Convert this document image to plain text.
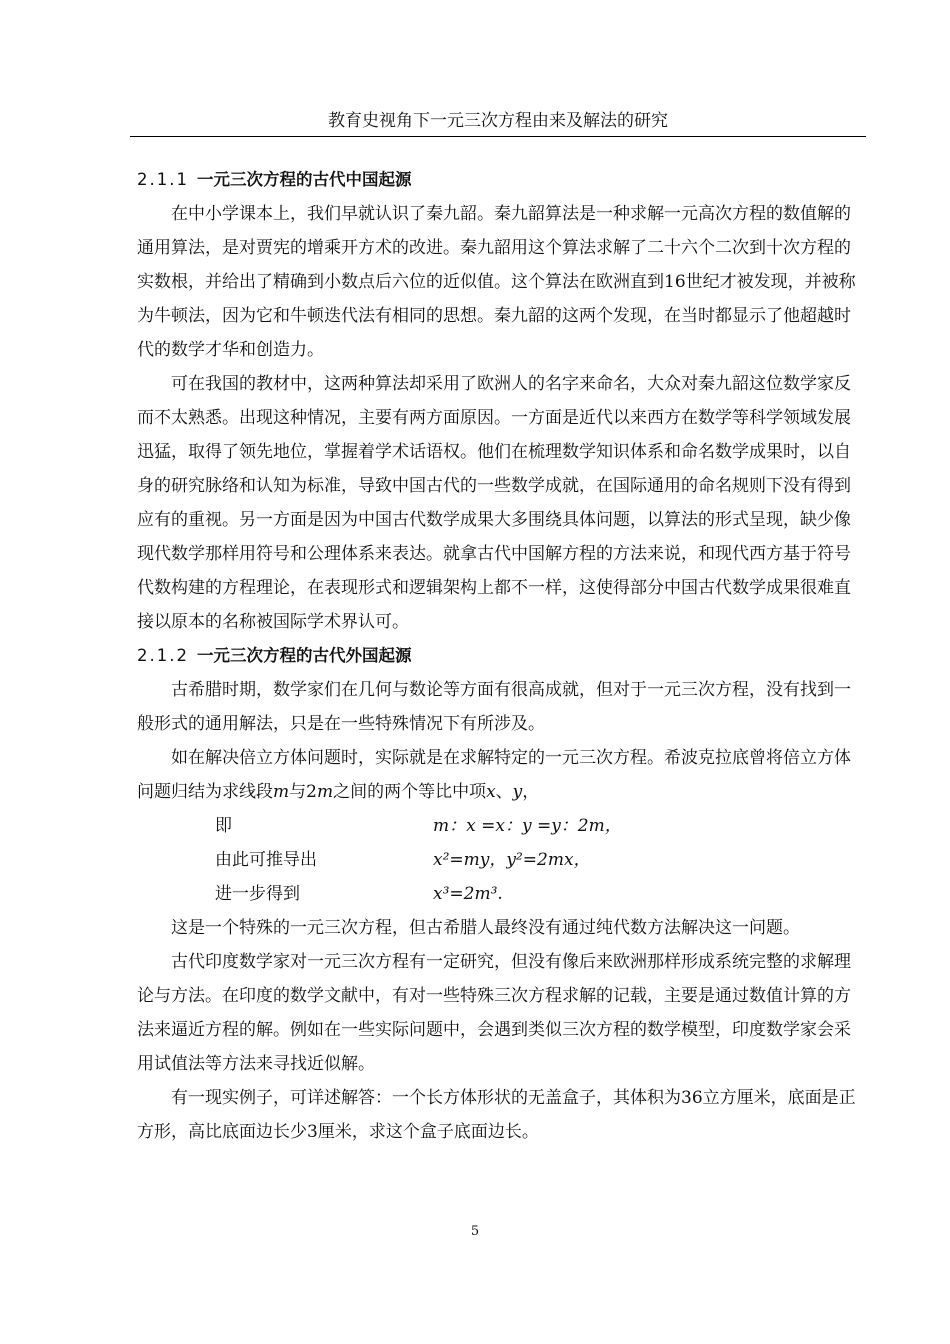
教育史视角下一元三次方程由来及解法的研究

2.1.1 一元三次方程的古代中国起源

在中小学课本上，我们早就认识了秦九韶。秦九韶算法是一种求解一元高次方程的数值解的通用算法，是对贾宪的增乘开方术的改进。秦九韶用这个算法求解了二十六个二次到十次方程的实数根，并给出了精确到小数点后六位的近似值。这个算法在欧洲直到16世纪才被发现，并被称为牛顿法，因为它和牛顿迭代法有相同的思想。秦九韶的这两个发现，在当时都显示了他超越时代的数学才华和创造力。

可在我国的教材中，这两种算法却采用了欧洲人的名字来命名，大众对秦九韶这位数学家反而不太熟悉。出现这种情况，主要有两方面原因。一方面是近代以来西方在数学等科学领域发展迅猛，取得了领先地位，掌握着学术话语权。他们在梳理数学知识体系和命名数学成果时，以自身的研究脉络和认知为标准，导致中国古代的一些数学成就，在国际通用的命名规则下没有得到应有的重视。另一方面是因为中国古代数学成果大多围绕具体问题，以算法的形式呈现，缺少像现代数学那样用符号和公理体系来表达。就拿古代中国解方程的方法来说，和现代西方基于符号代数构建的方程理论，在表现形式和逻辑架构上都不一样，这使得部分中国古代数学成果很难直接以原本的名称被国际学术界认可。

2.1.2 一元三次方程的古代外国起源

古希腊时期，数学家们在几何与数论等方面有很高成就，但对于一元三次方程，没有找到一般形式的通用解法，只是在一些特殊情况下有所涉及。

如在解决倍立方体问题时，实际就是在求解特定的一元三次方程。希波克拉底曾将倍立方体问题归结为求线段m与2m之间的两个等比中项x、y，

即	m：x =x：y =y：2m，
由此可推导出	x²=my，y²=2mx，
进一步得到	x³=2m³.

这是一个特殊的一元三次方程，但古希腊人最终没有通过纯代数方法解决这一问题。

古代印度数学家对一元三次方程有一定研究，但没有像后来欧洲那样形成系统完整的求解理论与方法。在印度的数学文献中，有对一些特殊三次方程求解的记载，主要是通过数值计算的方法来逼近方程的解。例如在一些实际问题中，会遇到类似三次方程的数学模型，印度数学家会采用试值法等方法来寻找近似解。

有一现实例子，可详述解答：一个长方体形状的无盖盒子，其体积为36立方厘米，底面是正方形，高比底面边长少3厘米，求这个盒子底面边长。

5
